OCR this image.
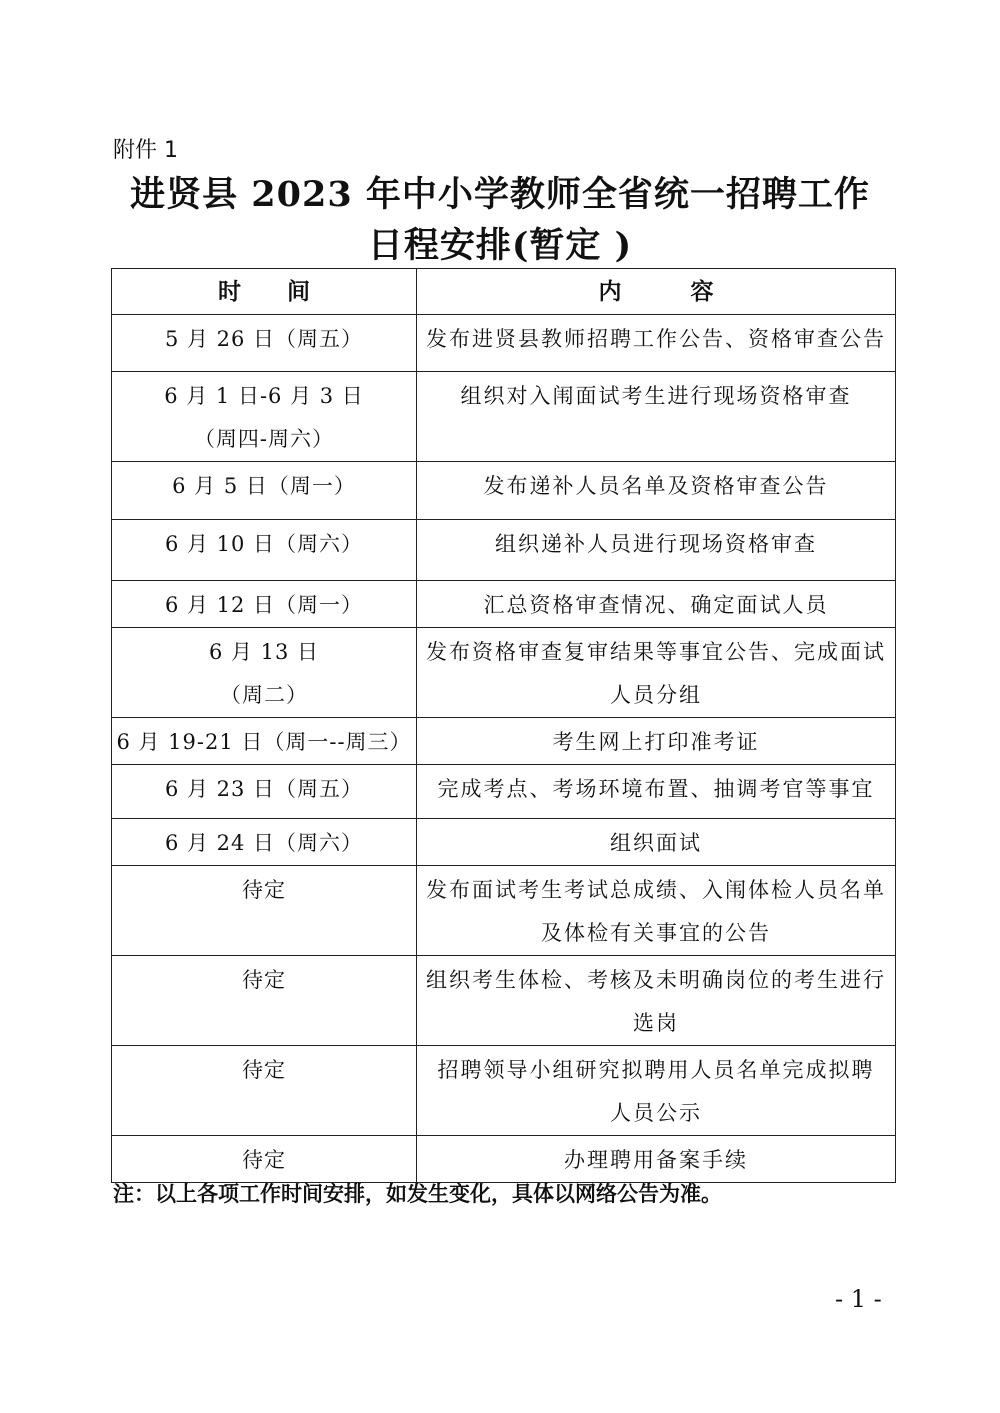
附件 1
进贤县 2023 年中小学教师全省统一招聘工作
日程安排(暂定 )
时　　间	内　　　容

5 月 26 日（周五）	发布进贤县教师招聘工作公告、资格审查公告

6 月 1 日-6 月 3 日
（周四-周六）	组织对入闱面试考生进行现场资格审查

6 月 5 日（周一）	发布递补人员名单及资格审查公告

6 月 10 日（周六）	组织递补人员进行现场资格审查

6 月 12 日（周一）	汇总资格审查情况、确定面试人员

6 月 13 日
（周二）	发布资格审查复审结果等事宜公告、完成面试
人员分组

6 月 19-21 日（周一--周三）	考生网上打印准考证

6 月 23 日（周五）	完成考点、考场环境布置、抽调考官等事宜

6 月 24 日（周六）	组织面试

待定	发布面试考生考试总成绩、入闱体检人员名单
及体检有关事宜的公告

待定	组织考生体检、考核及未明确岗位的考生进行
选岗

待定	招聘领导小组研究拟聘用人员名单完成拟聘
人员公示

待定	办理聘用备案手续
注：以上各项工作时间安排，如发生变化，具体以网络公告为准。
- 1 -
